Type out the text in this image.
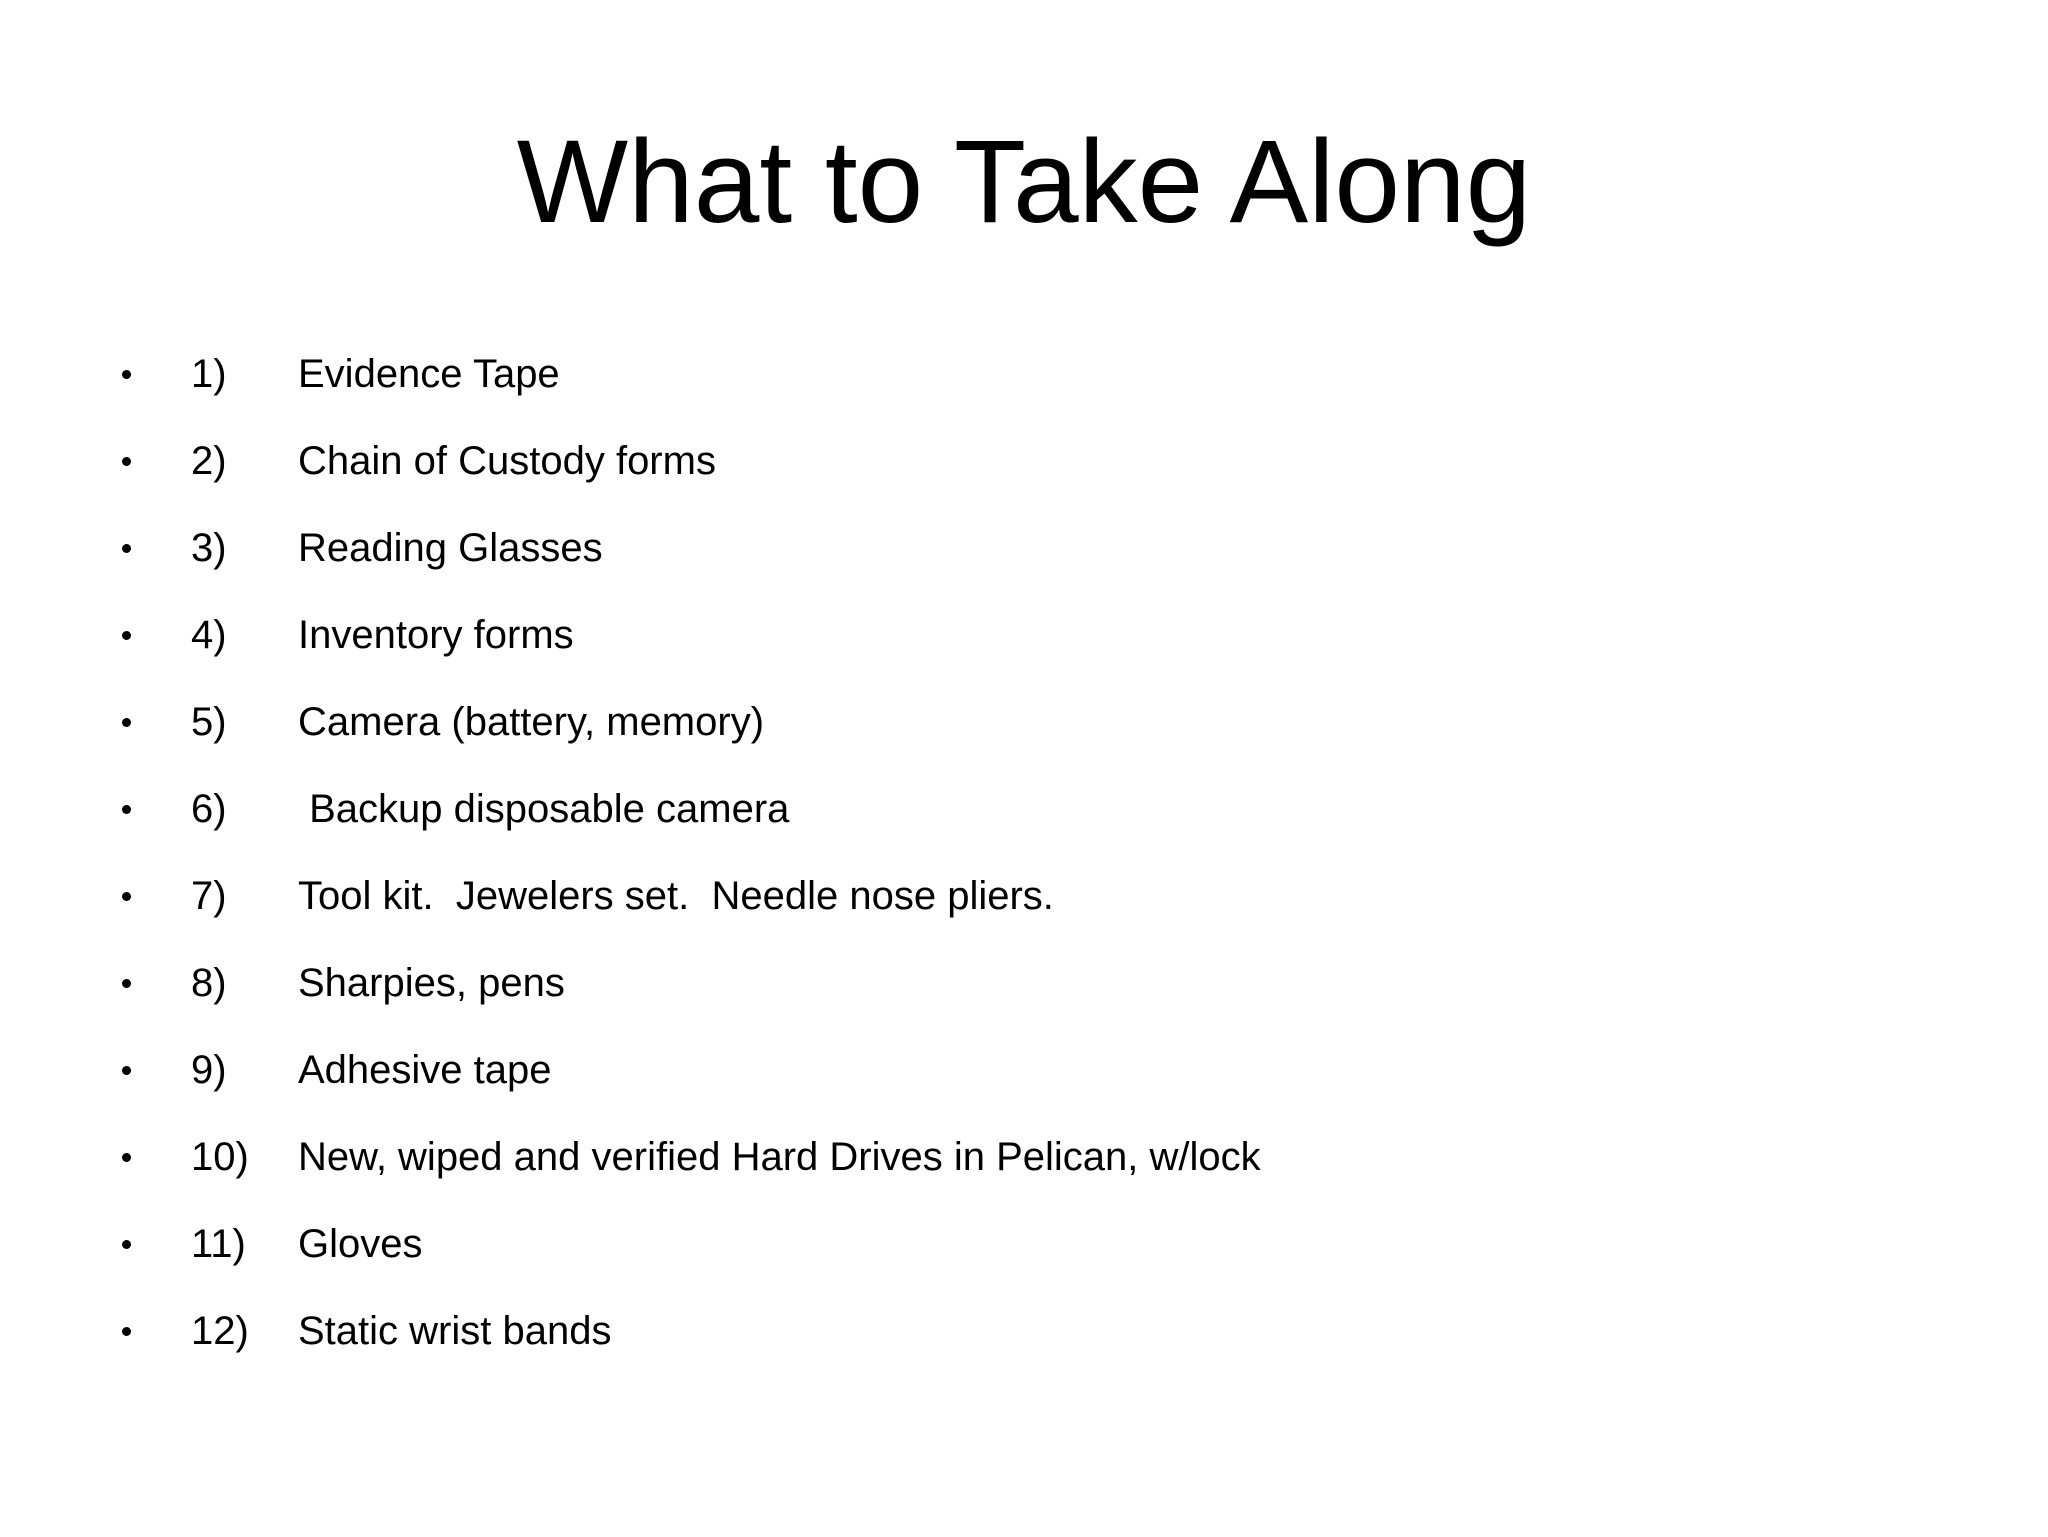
What to Take Along
1) Evidence Tape
2) Chain of Custody forms
3) Reading Glasses
4) Inventory forms
5) Camera (battery, memory)
6) Backup disposable camera
7) Tool kit.  Jewelers set.  Needle nose pliers.
8) Sharpies, pens
9) Adhesive tape
10) New, wiped and verified Hard Drives in Pelican, w/lock
11) Gloves
12) Static wrist bands
